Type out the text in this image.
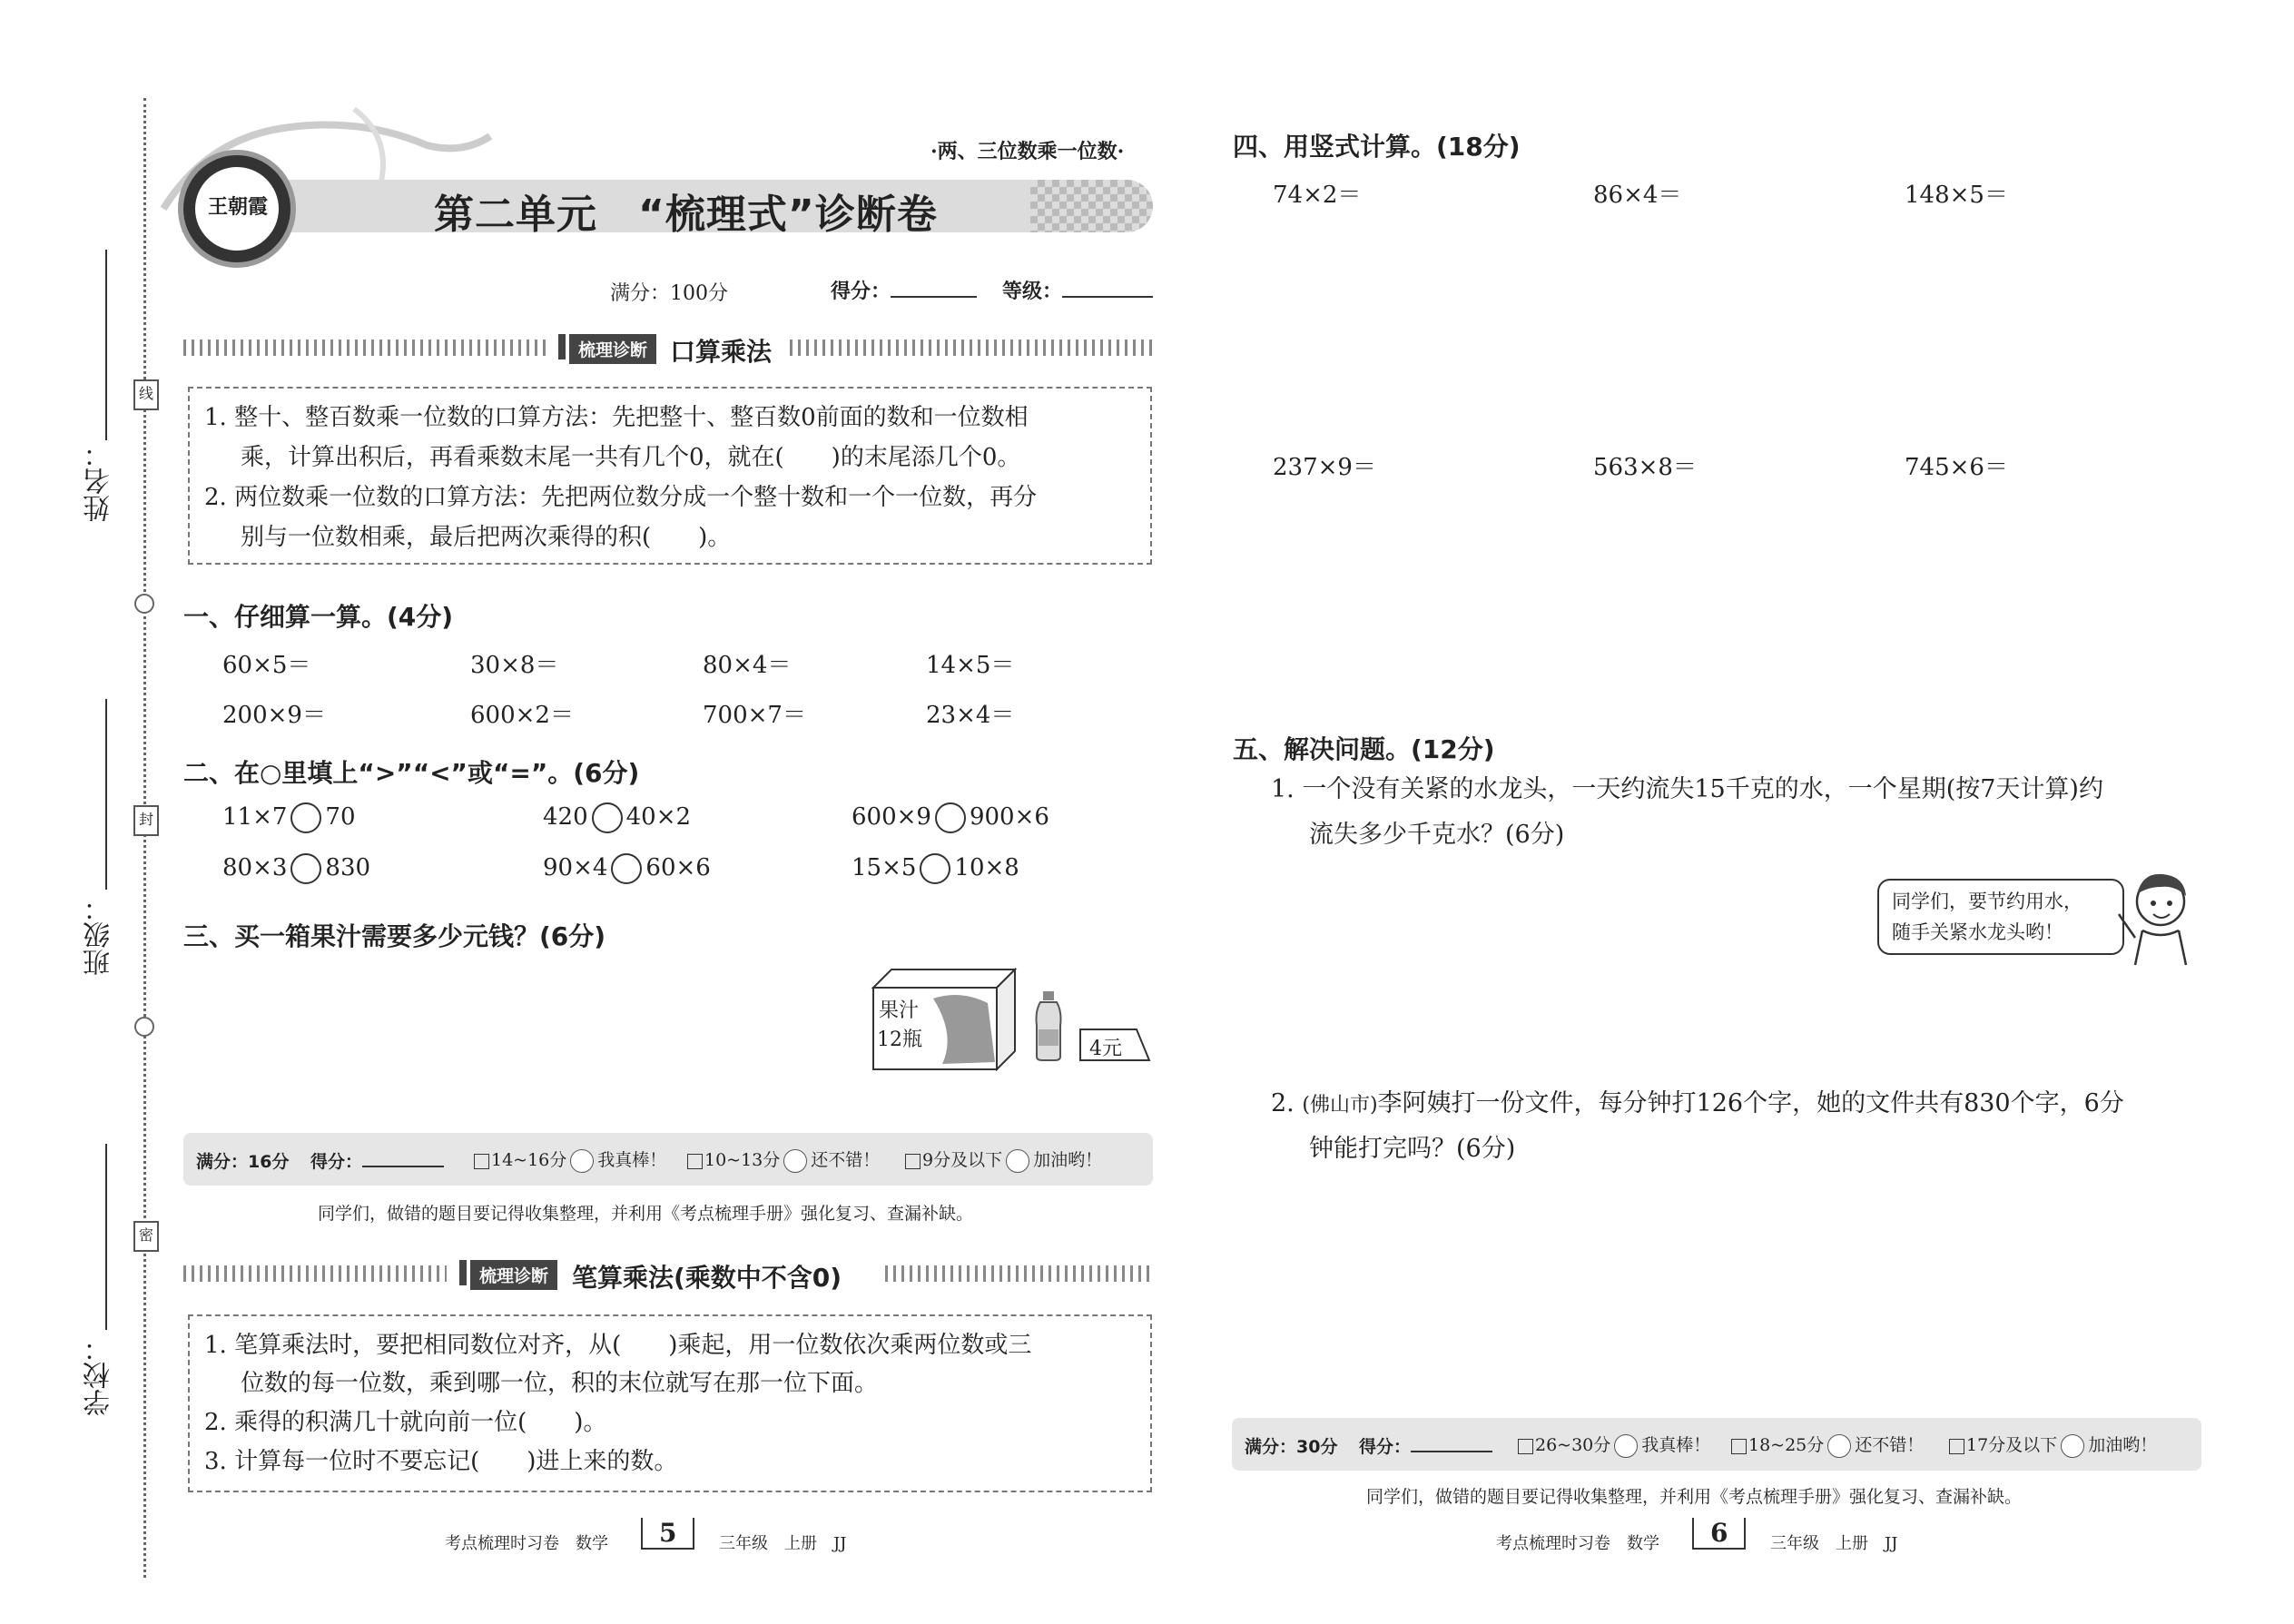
姓名：
班级：
学校：
线
封
密
王朝霞
·两、三位数乘一位数·
第二单元　“梳理式”诊断卷
满分：100分	得分：	等级：
梳理诊断 口算乘法
1. 整十、整百数乘一位数的口算方法：先把整十、整百数0前面的数和一位数相
乘，计算出积后，再看乘数末尾一共有几个0，就在(　　)的末尾添几个0。
2. 两位数乘一位数的口算方法：先把两位数分成一个整十数和一个一位数，再分
别与一位数相乘，最后把两次乘得的积(　　)。
一、仔细算一算。(4分)
60×5＝	30×8＝	80×4＝	14×5＝
200×9＝	600×2＝	700×7＝	23×4＝
二、在○里填上“>”“<”或“=”。(6分)
11×7 70	420 40×2	600×9 900×6
80×3 830	90×4 60×6	15×5 10×8
三、买一箱果汁需要多少元钱？(6分)
果汁
12瓶	4元
满分：16分 得分：	14~16分 我真棒！	10~13分 还不错！	9分及以下 加油哟！
同学们，做错的题目要记得收集整理，并利用《考点梳理手册》强化复习、查漏补缺。
梳理诊断 笔算乘法(乘数中不含0)
1. 笔算乘法时，要把相同数位对齐，从(　　)乘起，用一位数依次乘两位数或三
位数的每一位数，乘到哪一位，积的末位就写在那一位下面。
2. 乘得的积满几十就向前一位(　　)。
3. 计算每一位时不要忘记(　　)进上来的数。
考点梳理时习卷　数学	5	三年级　上册　JJ
四、用竖式计算。(18分)
74×2＝	86×4＝	148×5＝
237×9＝	563×8＝	745×6＝
五、解决问题。(12分)
1. 一个没有关紧的水龙头，一天约流失15千克的水，一个星期(按7天计算)约
流失多少千克水？(6分)
同学们，要节约用水，
随手关紧水龙头哟！
2. (佛山市)李阿姨打一份文件，每分钟打126个字，她的文件共有830个字，6分
钟能打完吗？(6分)
满分：30分 得分：	26~30分 我真棒！	18~25分 还不错！	17分及以下 加油哟！
同学们，做错的题目要记得收集整理，并利用《考点梳理手册》强化复习、查漏补缺。
考点梳理时习卷　数学	6	三年级　上册　JJ
